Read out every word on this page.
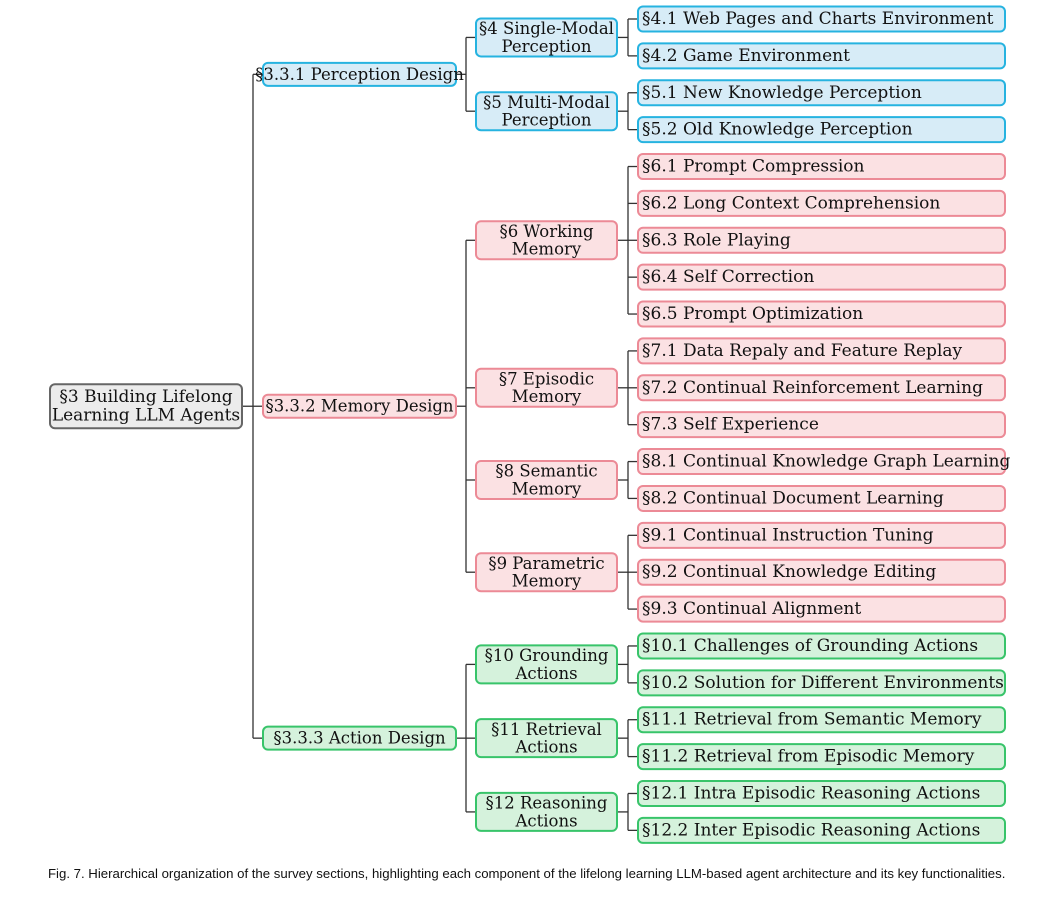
§4.1 Web Pages and Charts Environment
§4.2 Game Environment
§4 Single-Modal
Perception
§5.1 New Knowledge Perception
§5.2 Old Knowledge Perception
§5 Multi-Modal
Perception
§3.3.1 Perception Design
§6.1 Prompt Compression
§6.2 Long Context Comprehension
§6.3 Role Playing
§6.4 Self Correction
§6.5 Prompt Optimization
§6 Working
Memory
§7.1 Data Repaly and Feature Replay
§7.2 Continual Reinforcement Learning
§7.3 Self Experience
§7 Episodic
Memory
§8.1 Continual Knowledge Graph Learning
§8.2 Continual Document Learning
§8 Semantic
Memory
§9.1 Continual Instruction Tuning
§9.2 Continual Knowledge Editing
§9.3 Continual Alignment
§9 Parametric
Memory
§3.3.2 Memory Design
§10.1 Challenges of Grounding Actions
§10.2 Solution for Different Environments
§10 Grounding
Actions
§11.1 Retrieval from Semantic Memory
§11.2 Retrieval from Episodic Memory
§11 Retrieval
Actions
§12.1 Intra Episodic Reasoning Actions
§12.2 Inter Episodic Reasoning Actions
§12 Reasoning
Actions
§3.3.3 Action Design
§3 Building Lifelong
Learning LLM Agents
Fig. 7. Hierarchical organization of the survey sections, highlighting each component of the lifelong learning LLM-based agent architecture and its key functionalities.
